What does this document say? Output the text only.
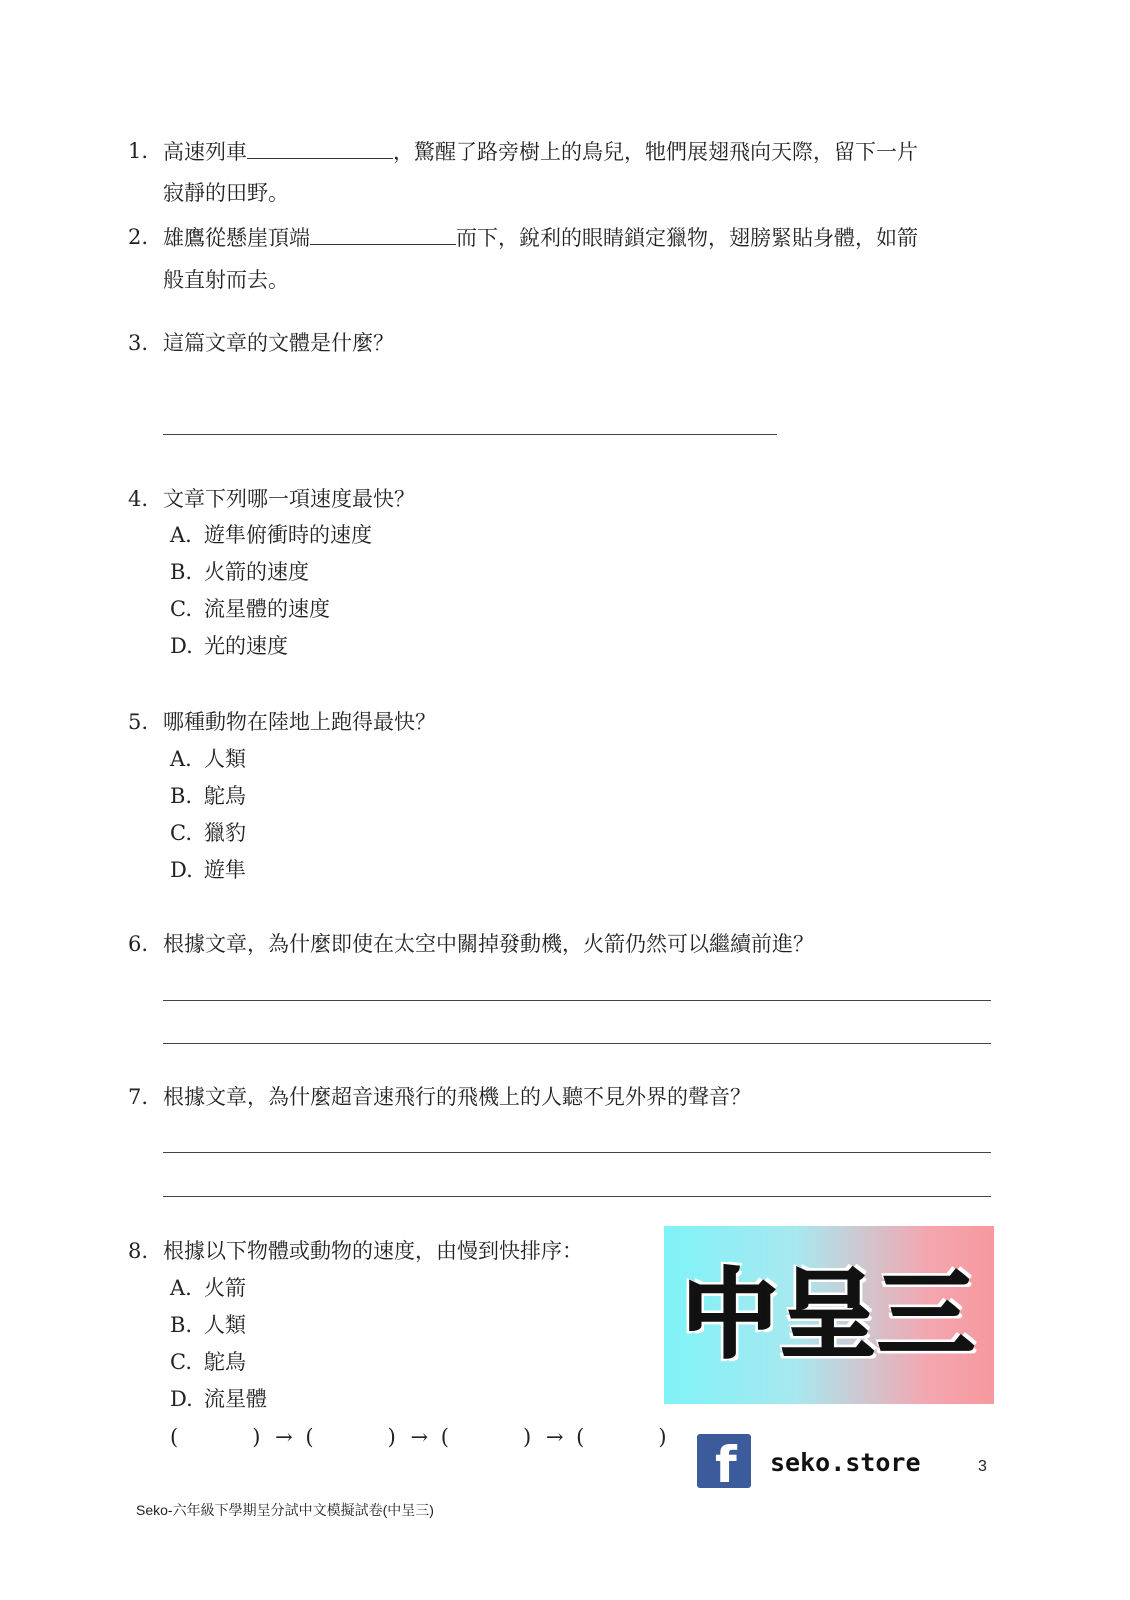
1. 高速列車	，驚醒了路旁樹上的鳥兒，牠們展翅飛向天際，留下一片
寂靜的田野。
2. 雄鷹從懸崖頂端	而下，銳利的眼睛鎖定獵物，翅膀緊貼身體，如箭
般直射而去。
3. 這篇文章的文體是什麼？
4. 文章下列哪一項速度最快？
A. 遊隼俯衝時的速度
B. 火箭的速度
C. 流星體的速度
D. 光的速度
5. 哪種動物在陸地上跑得最快？
A. 人類
B. 鴕鳥
C. 獵豹
D. 遊隼
6. 根據文章，為什麼即使在太空中關掉發動機，火箭仍然可以繼續前進？
7. 根據文章，為什麼超音速飛行的飛機上的人聽不見外界的聲音？
8. 根據以下物體或動物的速度，由慢到快排序：
A. 火箭
B. 人類
C. 鴕鳥
D. 流星體
(	) → (	) → (	) → (	)
中呈三
f seko.store	3
Seko-六年級下學期呈分試中文模擬試卷(中呈三)
